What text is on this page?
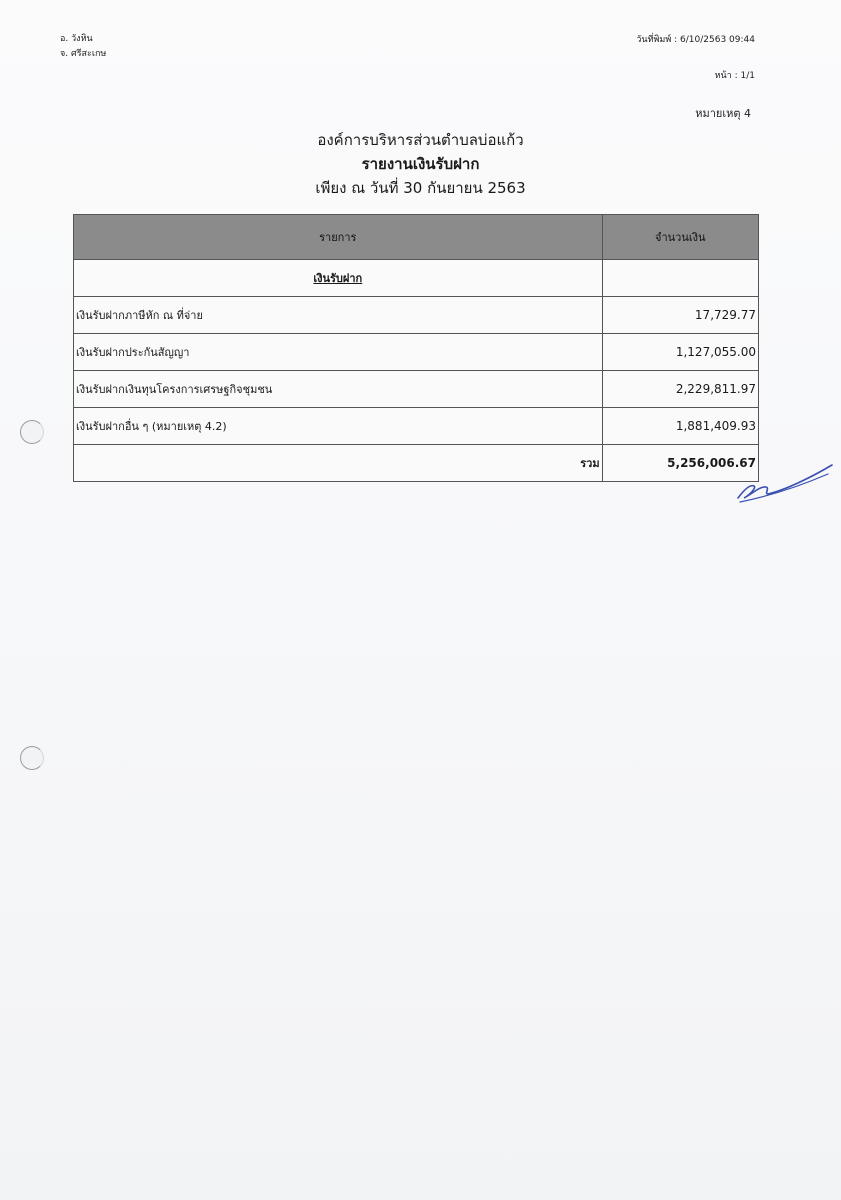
อ. วังหิน
จ. ศรีสะเกษ
วันที่พิมพ์ : 6/10/2563 09:44
หน้า : 1/1
หมายเหตุ 4
องค์การบริหารส่วนตำบลบ่อแก้ว
รายงานเงินรับฝาก
เพียง ณ วันที่ 30 กันยายน 2563
รายการ	จำนวนเงิน
เงินรับฝาก	
เงินรับฝากภาษีหัก ณ ที่จ่าย	17,729.77
เงินรับฝากประกันสัญญา	1,127,055.00
เงินรับฝากเงินทุนโครงการเศรษฐกิจชุมชน	2,229,811.97
เงินรับฝากอื่น ๆ (หมายเหตุ 4.2)	1,881,409.93
รวม	5,256,006.67
